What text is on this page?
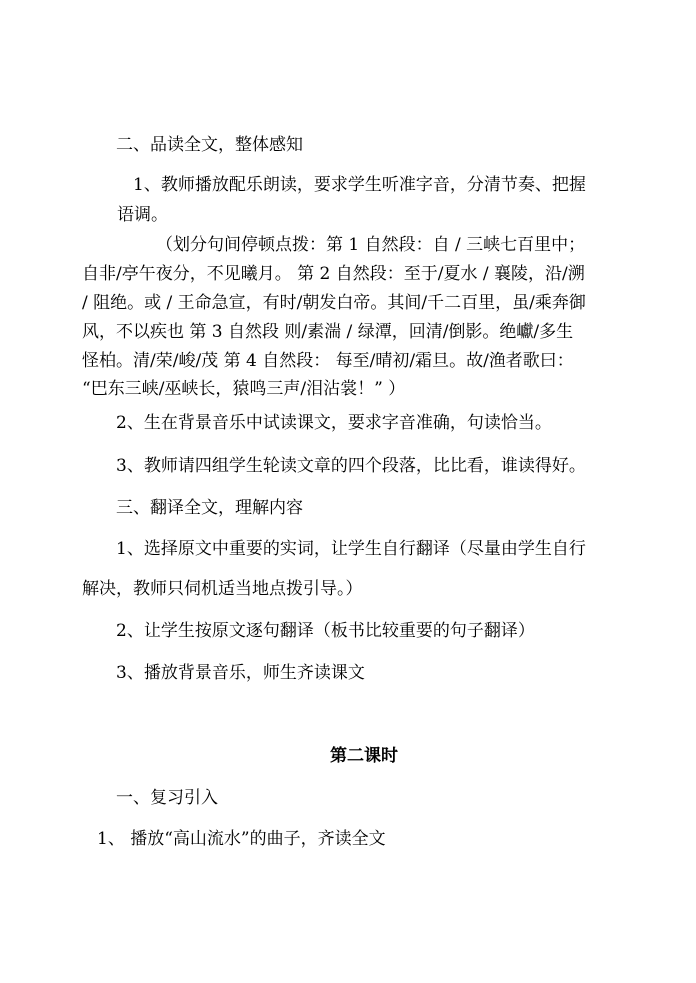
二、品读全文，整体感知
1、教师播放配乐朗读，要求学生听准字音，分清节奏、把握
语调。
（划分句间停顿点拨：第 1 自然段：自 / 三峡七百里中；
自非/亭午夜分，不见曦月。 第 2 自然段：至于/夏水 / 襄陵，沿/溯
/ 阻绝。或 / 王命急宣，有时/朝发白帝。其间/千二百里，虽/乘奔御
风，不以疾也 第 3 自然段 则/素湍 / 绿潭，回清/倒影。绝巘/多生
怪柏。清/荣/峻/茂 第 4 自然段： 每至/晴初/霜旦。故/渔者歌曰：
“巴东三峡/巫峡长，猿鸣三声/泪沾裳！” ）
2、生在背景音乐中试读课文，要求字音准确，句读恰当。
3、教师请四组学生轮读文章的四个段落，比比看，谁读得好。
三、翻译全文，理解内容
1、选择原文中重要的实词，让学生自行翻译（尽量由学生自行
解决，教师只伺机适当地点拨引导。）
2、让学生按原文逐句翻译（板书比较重要的句子翻译）
3、播放背景音乐，师生齐读课文
第二课时
一、复习引入
1、 播放“高山流水”的曲子，齐读全文
